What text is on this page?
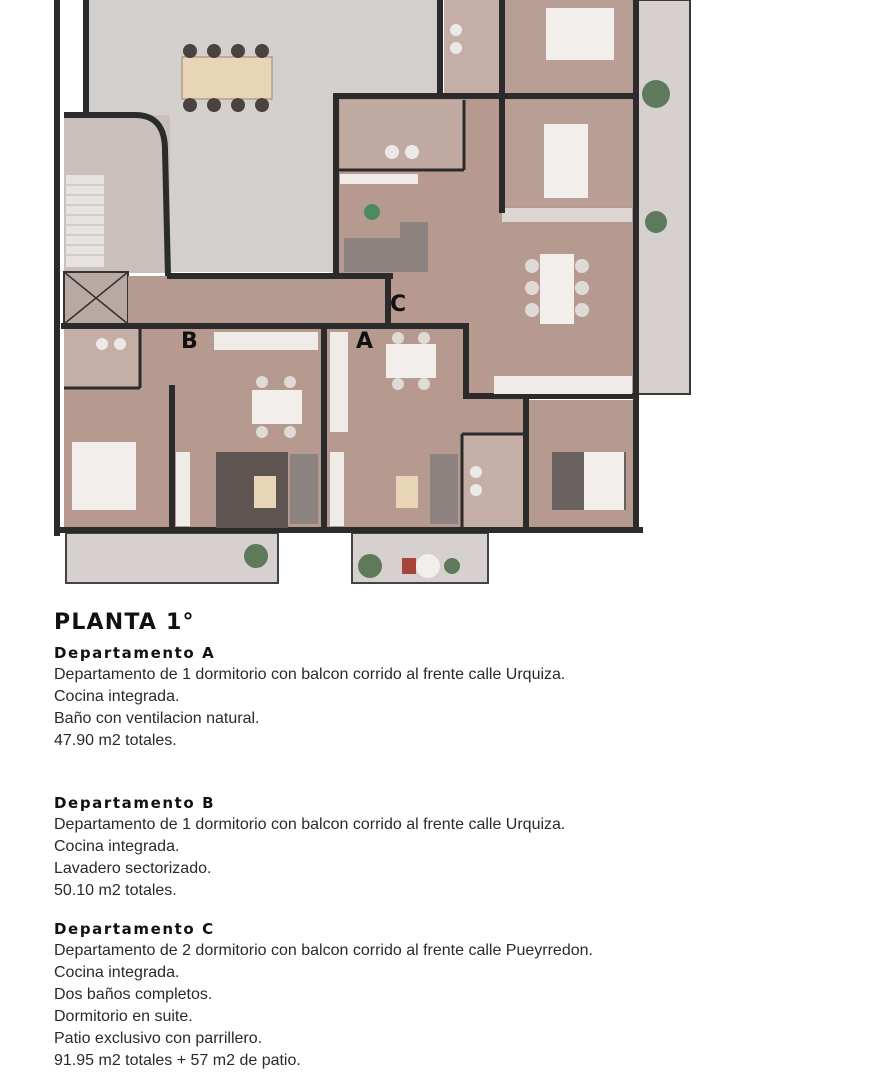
C
B	A
PLANTA 1°
Departamento A

Departamento de 1 dormitorio con balcon corrido al frente calle Urquiza.

Cocina integrada.

Baño con ventilacion natural.

47.90 m2 totales.

Departamento B

Departamento de 1 dormitorio con balcon corrido al frente calle Urquiza.

Cocina integrada.

Lavadero sectorizado.

50.10 m2 totales.

Departamento C

Departamento de 2 dormitorio con balcon corrido al frente calle Pueyrredon.

Cocina integrada.

Dos baños completos.

Dormitorio en suite.

Patio exclusivo con parrillero.

91.95 m2 totales + 57 m2 de patio.
